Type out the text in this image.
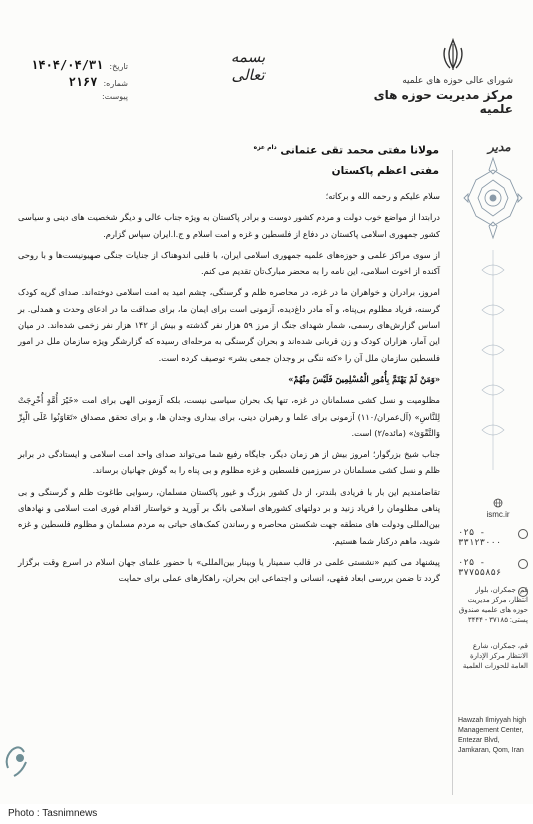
تاریخ:
۱۴۰۴/۰۴/۳۱
شماره:
۲۱۶۷
پیوست:
بسمه تعالی	شورای عالی حوزه های علمیه
مرکز مدیریت حوزه های علمیه
مدیر
ismc.ir
۰۲۵ - ۳۳۱۲۳۰۰۰
۰۲۵ - ۳۷۷۵۵۸۵۶
قم، جمکران، بلوار انتظار، مرکز مدیریت حوزه های علمیه صندوق پستی: ۳۷۱۸۵ - ۳۴۴۴
قم، جمکران، شارع الانتظار مرکز الإدارة العامة للحوزات العلمیة
Hawzah Ilmiyyah high Management Center, Entezar Blvd, Jamkaran, Qom, Iran
مولانا مفتی محمد تقی عثمانی $^{دام عزه}$
مفتی اعظم پاکستان

سلام علیکم و رحمه الله و برکاته؛

درابتدا از مواضع خوب دولت و مردم کشور دوست و برادر پاکستان به ویژه جناب عالی و دیگر شخصیت های دینی و سیاسی کشور جمهوری اسلامی پاکستان در دفاع از فلسطین و غزه و امت اسلام و ج.ا.ایران سپاس گزارم.

از سوی مراکز علمی و حوزه‌های علمیه جمهوری اسلامی ایران، با قلبی اندوهناک از جنایات جنگی صهیونیست‌ها و با روحی آکنده از اخوت اسلامی، این نامه را به محضر مبارک‌تان تقدیم می کنم.

امروز، برادران و خواهران ما در غزه، در محاصره ظلم و گرسنگی، چشم امید به امت اسلامی دوخته‌اند. صدای گریه کودک گرسنه، فریاد مظلوم بی‌پناه، و آه مادر داغ‌دیده، آزمونی است برای ایمان ما، برای صداقت ما در ادعای وحدت و همدلی. بر اساس گزارش‌های رسمی، شمار شهدای جنگ از مرز ۵۹ هزار نفر گذشته و بیش از ۱۴۲ هزار نفر زخمی شده‌اند. در میان این آمار، هزاران کودک و زن قربانی شده‌اند و بحران گرسنگی به مرحله‌ای رسیده که گزارشگر ویژه سازمان ملل در امور فلسطین سازمان ملل آن را «کنه ننگی بر وجدان جمعی بشر» توصیف کرده است.

«وَمَنْ لَمْ یَهْتَمَّ بِأُمُورِ الْمُسْلِمِینَ فَلَیْسَ مِنْهُمْ»

مظلومیت و نسل کشی مسلمانان در غزه، تنها یک بحران سیاسی نیست، بلکه آزمونی الهی برای امت «خَیْرَ أُمَّةٍ أُخْرِجَتْ لِلنَّاسِ» (آل‌عمران/۱۱۰) آزمونی برای علما و رهبران دینی، برای بیداری وجدان ها، و برای تحقق مصداق «تَعَاوَنُوا عَلَى الْبِرِّ وَالتَّقْوَىٰ» (مائده/۲) است.

جناب شیخ بزرگوار؛ امروز بیش از هر زمان دیگر، جایگاه رفیع شما می‌تواند صدای واحد امت اسلامی و ایستادگی در برابر ظلم و نسل کشی مسلمانان در سرزمین فلسطین و غزه مظلوم و بی پناه را به گوش جهانیان برساند.

تقاضامندیم این بار با فریادی بلندتر، از دل کشور بزرگ و غیور پاکستان مسلمان، رسوایی طاغوت ظلم و گرسنگی و بی پناهی مظلومان را فریاد زنید و بر دولتهای کشورهای اسلامی بانگ بر آورید و خواستار اقدام فوری امت اسلامی و نهادهای بین‌المللی ودولت های منطقه جهت شکستن محاصره و رساندن کمک‌های حیاتی به مردم مسلمان و مظلوم فلسطین و غزه شوید، ماهم درکنار شما هستیم.

پیشنهاد می کنیم «نشستی علمی در قالب سمینار یا وبینار بین‌المللی» با حضور علمای جهان اسلام در اسرع وقت برگزار گردد تا ضمن بررسی ابعاد فقهی، انسانی و اجتماعی این بحران، راهکارهای عملی برای حمایت

Photo : Tasnimnews
